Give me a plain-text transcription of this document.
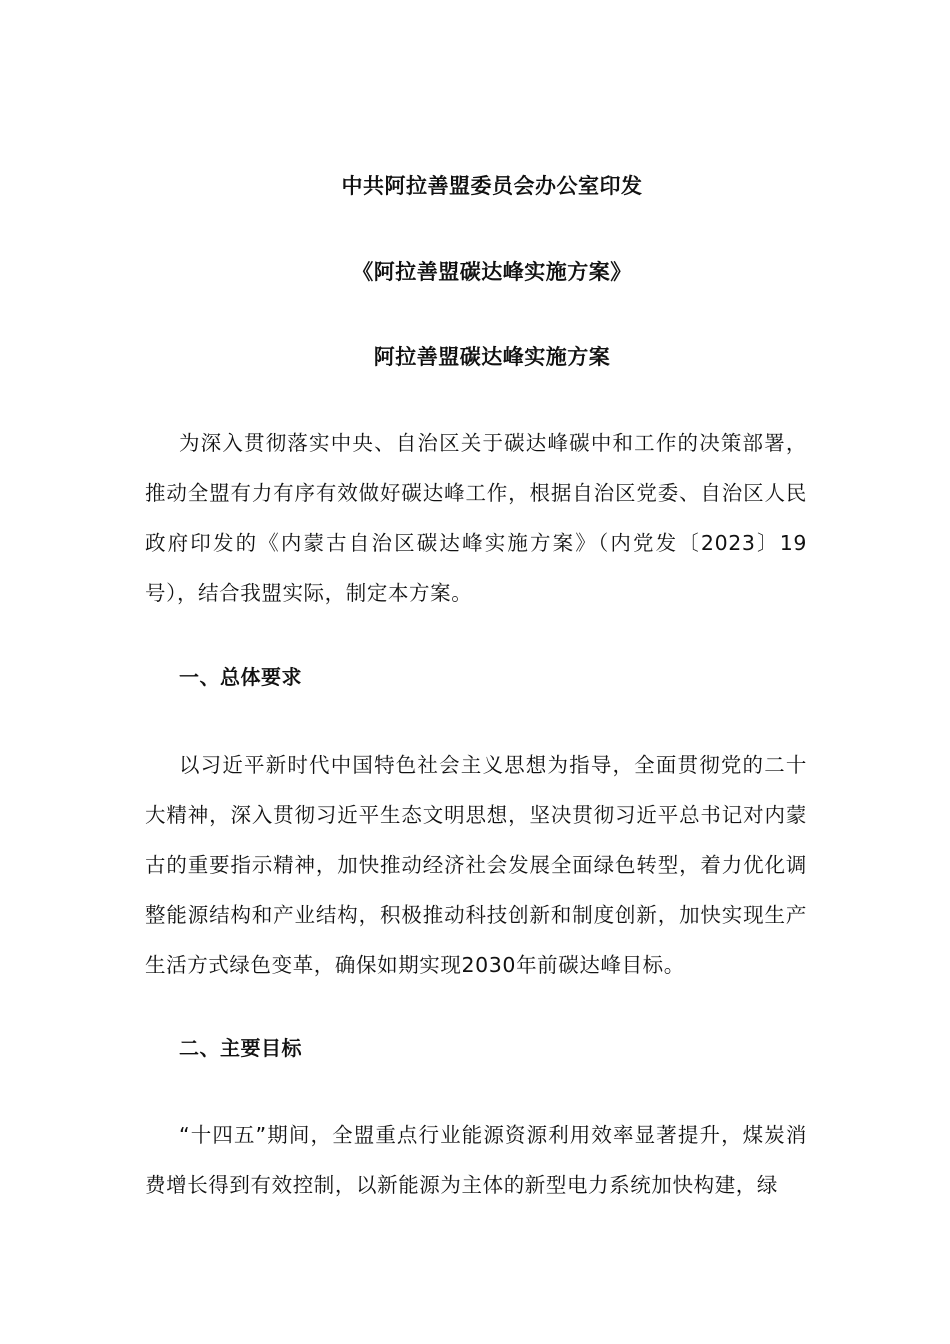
中共阿拉善盟委员会办公室印发
《阿拉善盟碳达峰实施方案》
阿拉善盟碳达峰实施方案

为深入贯彻落实中央、自治区关于碳达峰碳中和工作的决策部署，推动全盟有力有序有效做好碳达峰工作，根据自治区党委、自治区人民政府印发的《内蒙古自治区碳达峰实施方案》（内党发〔2023〕19号），结合我盟实际，制定本方案。

一、总体要求

以习近平新时代中国特色社会主义思想为指导，全面贯彻党的二十大精神，深入贯彻习近平生态文明思想，坚决贯彻习近平总书记对内蒙古的重要指示精神，加快推动经济社会发展全面绿色转型，着力优化调整能源结构和产业结构，积极推动科技创新和制度创新，加快实现生产生活方式绿色变革，确保如期实现2030年前碳达峰目标。

二、主要目标

“十四五”期间，全盟重点行业能源资源利用效率显著提升，煤炭消费增长得到有效控制，以新能源为主体的新型电力系统加快构建，绿
